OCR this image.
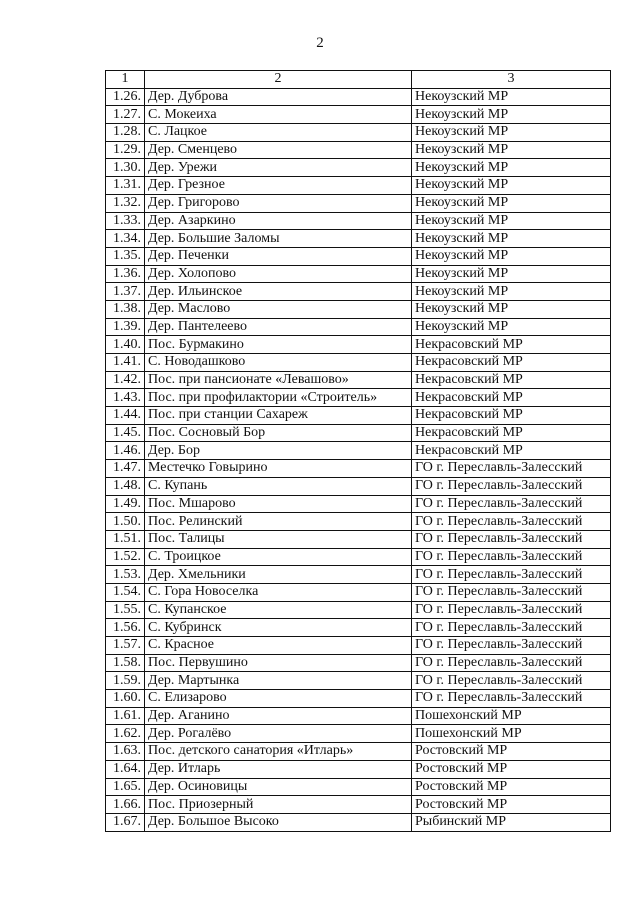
2
1	2	3
1.26.	Дер. Дуброва	Некоузский МР
1.27.	С. Мокеиха	Некоузский МР
1.28.	С. Лацкое	Некоузский МР
1.29.	Дер. Сменцево	Некоузский МР
1.30.	Дер. Урежи	Некоузский МР
1.31.	Дер. Грезное	Некоузский МР
1.32.	Дер. Григорово	Некоузский МР
1.33.	Дер. Азаркино	Некоузский МР
1.34.	Дер. Большие Заломы	Некоузский МР
1.35.	Дер. Печенки	Некоузский МР
1.36.	Дер. Холопово	Некоузский МР
1.37.	Дер. Ильинское	Некоузский МР
1.38.	Дер. Маслово	Некоузский МР
1.39.	Дер. Пантелеево	Некоузский МР
1.40.	Пос. Бурмакино	Некрасовский МР
1.41.	С. Новодашково	Некрасовский МР
1.42.	Пос. при пансионате «Левашово»	Некрасовский МР
1.43.	Пос. при профилактории «Строитель»	Некрасовский МР
1.44.	Пос. при станции Сахареж	Некрасовский МР
1.45.	Пос. Сосновый Бор	Некрасовский МР
1.46.	Дер. Бор	Некрасовский МР
1.47.	Местечко Говырино	ГО г. Переславль-Залесский
1.48.	С. Купань	ГО г. Переславль-Залесский
1.49.	Пос. Мшарово	ГО г. Переславль-Залесский
1.50.	Пос. Релинский	ГО г. Переславль-Залесский
1.51.	Пос. Талицы	ГО г. Переславль-Залесский
1.52.	С. Троицкое	ГО г. Переславль-Залесский
1.53.	Дер. Хмельники	ГО г. Переславль-Залесский
1.54.	С. Гора Новоселка	ГО г. Переславль-Залесский
1.55.	С. Купанское	ГО г. Переславль-Залесский
1.56.	С. Кубринск	ГО г. Переславль-Залесский
1.57.	С. Красное	ГО г. Переславль-Залесский
1.58.	Пос. Первушино	ГО г. Переславль-Залесский
1.59.	Дер. Мартынка	ГО г. Переславль-Залесский
1.60.	С. Елизарово	ГО г. Переславль-Залесский
1.61.	Дер. Аганино	Пошехонский МР
1.62.	Дер. Рогалёво	Пошехонский МР
1.63.	Пос. детского санатория «Итларь»	Ростовский МР
1.64.	Дер. Итларь	Ростовский МР
1.65.	Дер. Осиновицы	Ростовский МР
1.66.	Пос. Приозерный	Ростовский МР
1.67.	Дер. Большое Высоко	Рыбинский МР
